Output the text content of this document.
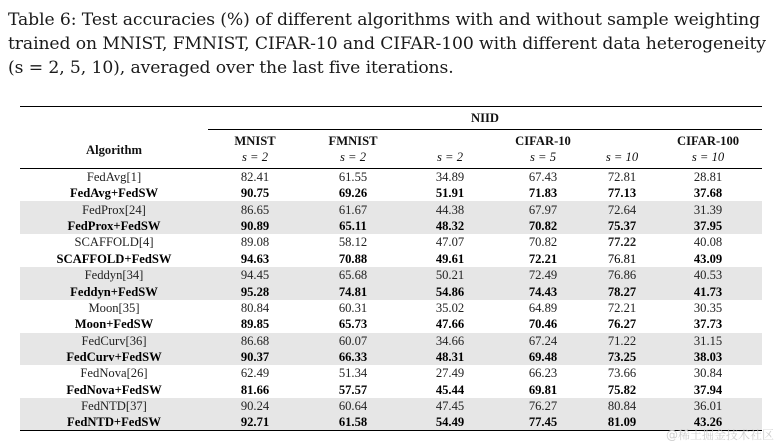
Table 6: Test accuracies (%) of different algorithms with and without sample weighting
trained on MNIST, FMNIST, CIFAR-10 and CIFAR-100 with different data heterogeneity
(s = 2, 5, 10), averaged over the last five iterations.
	NIID					
Algorithm	MNIST	FMNIST		CIFAR-10		CIFAR-100
	s = 2	s = 2	s = 2	s = 5	s = 10	s = 10
FedAvg[1]	82.41	61.55	34.89	67.43	72.81	28.81
FedAvg+FedSW	90.75	69.26	51.91	71.83	77.13	37.68
FedProx[24]	86.65	61.67	44.38	67.97	72.64	31.39
FedProx+FedSW	90.89	65.11	48.32	70.82	75.37	37.95
SCAFFOLD[4]	89.08	58.12	47.07	70.82	77.22	40.08
SCAFFOLD+FedSW	94.63	70.88	49.61	72.21	76.81	43.09
Feddyn[34]	94.45	65.68	50.21	72.49	76.86	40.53
Feddyn+FedSW	95.28	74.81	54.86	74.43	78.27	41.73
Moon[35]	80.84	60.31	35.02	64.89	72.21	30.35
Moon+FedSW	89.85	65.73	47.66	70.46	76.27	37.73
FedCurv[36]	86.68	60.07	34.66	67.24	71.22	31.15
FedCurv+FedSW	90.37	66.33	48.31	69.48	73.25	38.03
FedNova[26]	62.49	51.34	27.49	66.23	73.66	30.84
FedNova+FedSW	81.66	57.57	45.44	69.81	75.82	37.94
FedNTD[37]	90.24	60.64	47.45	76.27	80.84	36.01
FedNTD+FedSW	92.71	61.58	54.49	77.45	81.09	43.26
@稀土掘金技术社区
